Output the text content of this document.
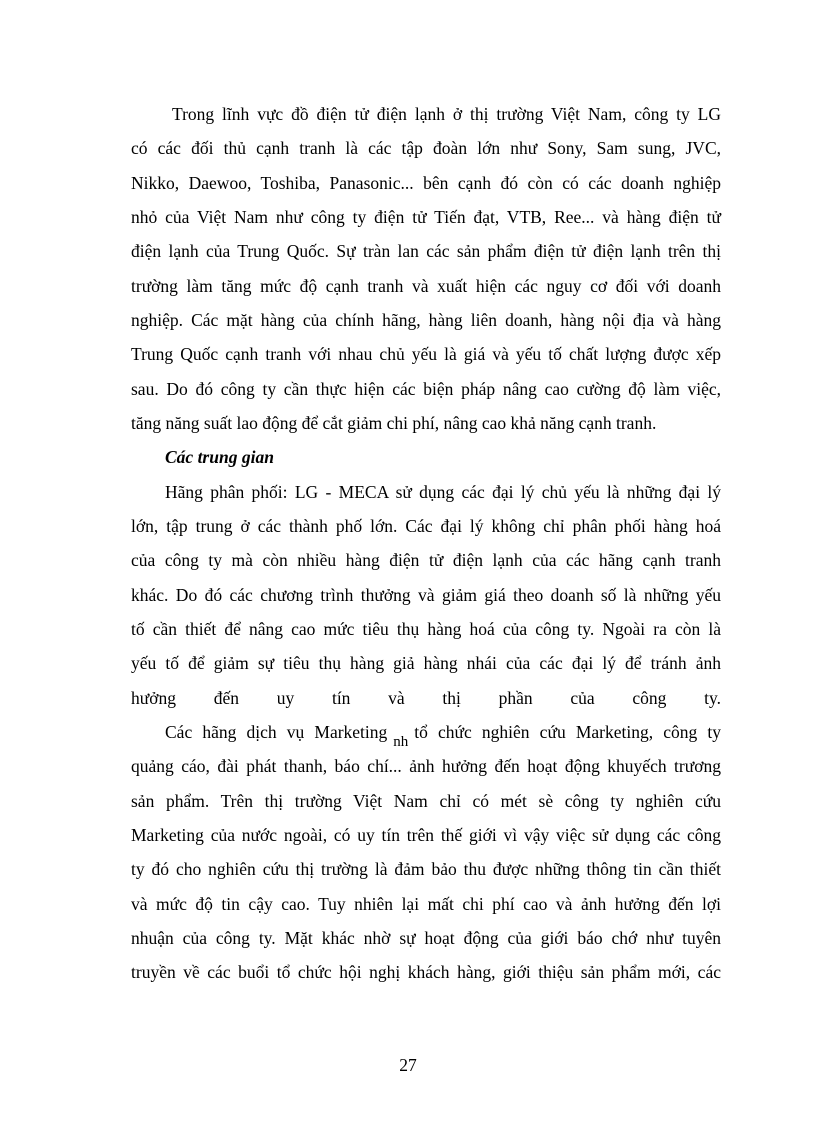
Trong lĩnh vực đồ điện tử điện lạnh ở thị trường Việt Nam, công ty LG
có các đối thủ cạnh tranh là các tập đoàn lớn như Sony, Sam sung, JVC,
Nikko, Daewoo, Toshiba, Panasonic... bên cạnh đó còn có các doanh nghiệp
nhỏ của Việt Nam như công ty điện tử Tiến đạt, VTB, Ree... và hàng điện tử
điện lạnh của Trung Quốc. Sự tràn lan các sản phẩm điện tử điện lạnh trên thị
trường làm tăng mức độ cạnh tranh và xuất hiện các nguy cơ đối với doanh
nghiệp. Các mặt hàng của chính hãng, hàng liên doanh, hàng nội địa và hàng
Trung Quốc cạnh tranh với nhau chủ yếu là giá và yếu tố chất lượng được xếp
sau. Do đó công ty cần thực hiện các biện pháp nâng cao cường độ làm việc,
tăng năng suất lao động để cắt giảm chi phí, nâng cao khả năng cạnh tranh.
Các trung gian
Hãng phân phối: LG - MECA sử dụng các đại lý chủ yếu là những đại lý
lớn, tập trung ở các thành phố lớn. Các đại lý không chỉ phân phối hàng hoá
của công ty mà còn nhiều hàng điện tử điện lạnh của các hãng cạnh tranh
khác. Do đó các chương trình thưởng và giảm giá theo doanh số là những yếu
tố cần thiết để nâng cao mức tiêu thụ hàng hoá của công ty. Ngoài ra còn là
yếu tố để giảm sự tiêu thụ hàng giả hàng nhái của các đại lý để tránh ảnh
hưởng đến uy tín và thị phần của công ty.
Các hãng dịch vụ Marketing nh tổ chức nghiên cứu Marketing, công ty
quảng cáo, đài phát thanh, báo chí... ảnh hưởng đến hoạt động khuyếch trương
sản phẩm. Trên thị trường Việt Nam chỉ có mét sè công ty nghiên cứu
Marketing của nước ngoài, có uy tín trên thế giới vì vậy việc sử dụng các công
ty đó cho nghiên cứu thị trường là đảm bảo thu được những thông tin cần thiết
và mức độ tin cậy cao. Tuy nhiên lại mất chi phí cao và ảnh hưởng đến lợi
nhuận của công ty. Mặt khác nhờ sự hoạt động của giới báo chớ như tuyên
truyền về các buổi tổ chức hội nghị khách hàng, giới thiệu sản phẩm mới, các
27
